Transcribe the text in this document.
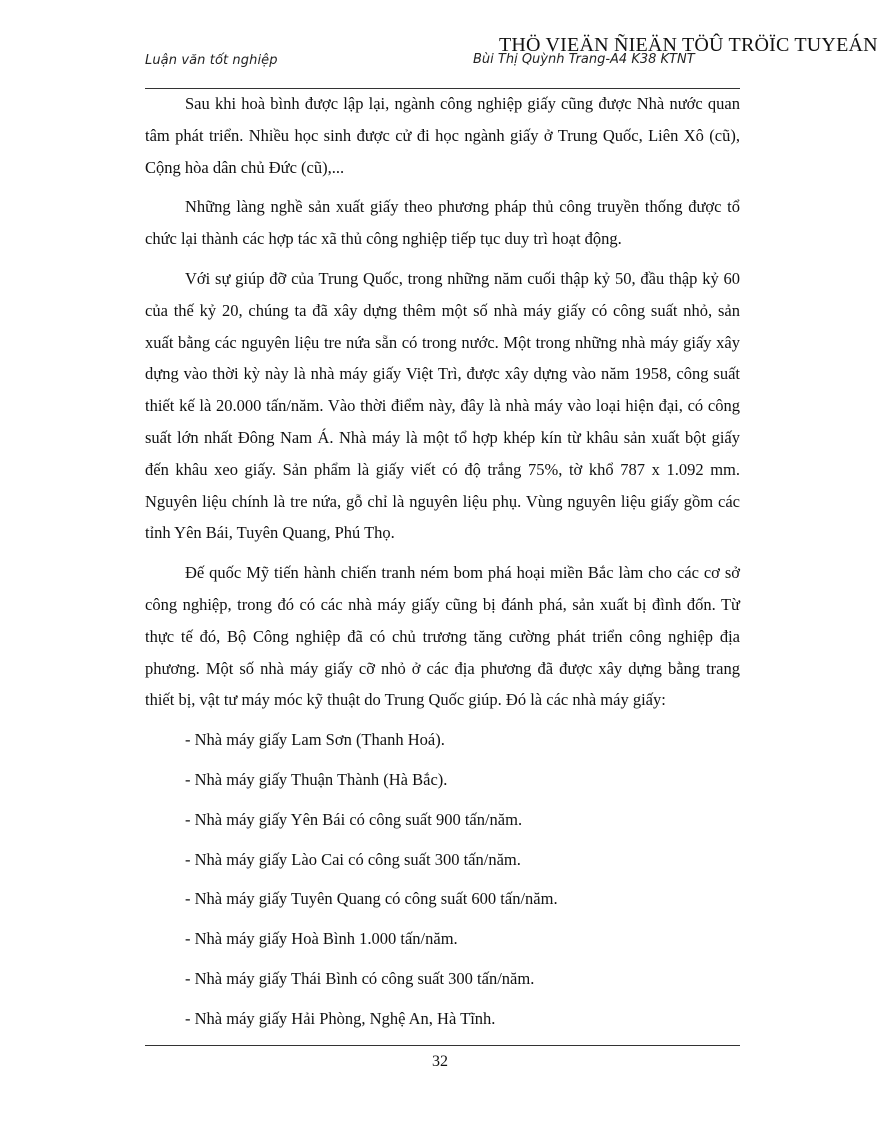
THÖ VIEÄN ÑIEÄN TÖÛ TRÖÏC TUYEÁN
Luận văn tốt nghiệp	Bùi Thị Quỳnh Trang-A4 K38 KTNT

Sau khi hoà bình được lập lại, ngành công nghiệp giấy cũng được Nhà nước quan tâm phát triển. Nhiều học sinh được cử đi học ngành giấy ở Trung Quốc, Liên Xô (cũ), Cộng hòa dân chủ Đức (cũ),...

Những làng nghề sản xuất giấy theo phương pháp thủ công truyền thống được tổ chức lại thành các hợp tác xã thủ công nghiệp tiếp tục duy trì hoạt động.

Với sự giúp đỡ của Trung Quốc, trong những năm cuối thập kỷ 50, đầu thập kỷ 60 của thế kỷ 20, chúng ta đã xây dựng thêm một số nhà máy giấy có công suất nhỏ, sản xuất bằng các nguyên liệu tre nứa sẵn có trong nước. Một trong những nhà máy giấy xây dựng vào thời kỳ này là nhà máy giấy Việt Trì, được xây dựng vào năm 1958, công suất thiết kế là 20.000 tấn/năm. Vào thời điểm này, đây là nhà máy vào loại hiện đại, có công suất lớn nhất Đông Nam Á. Nhà máy là một tổ hợp khép kín từ khâu sản xuất bột giấy đến khâu xeo giấy. Sản phẩm là giấy viết có độ trắng 75%, tờ khổ 787 x 1.092 mm. Nguyên liệu chính là tre nứa, gỗ chỉ là nguyên liệu phụ. Vùng nguyên liệu giấy gồm các tỉnh Yên Bái, Tuyên Quang, Phú Thọ.

Đế quốc Mỹ tiến hành chiến tranh ném bom phá hoại miền Bắc làm cho các cơ sở công nghiệp, trong đó có các nhà máy giấy cũng bị đánh phá, sản xuất bị đình đốn. Từ thực tế đó, Bộ Công nghiệp đã có chủ trương tăng cường phát triển công nghiệp địa phương. Một số nhà máy giấy cỡ nhỏ ở các địa phương đã được xây dựng bằng trang thiết bị, vật tư máy móc kỹ thuật do Trung Quốc giúp. Đó là các nhà máy giấy:

- Nhà máy giấy Lam Sơn (Thanh Hoá).
- Nhà máy giấy Thuận Thành (Hà Bắc).
- Nhà máy giấy Yên Bái có công suất 900 tấn/năm.
- Nhà máy giấy Lào Cai có công suất 300 tấn/năm.
- Nhà máy giấy Tuyên Quang có công suất 600 tấn/năm.
- Nhà máy giấy Hoà Bình 1.000 tấn/năm.
- Nhà máy giấy Thái Bình có công suất 300 tấn/năm.
- Nhà máy giấy Hải Phòng, Nghệ An, Hà Tĩnh.
32
